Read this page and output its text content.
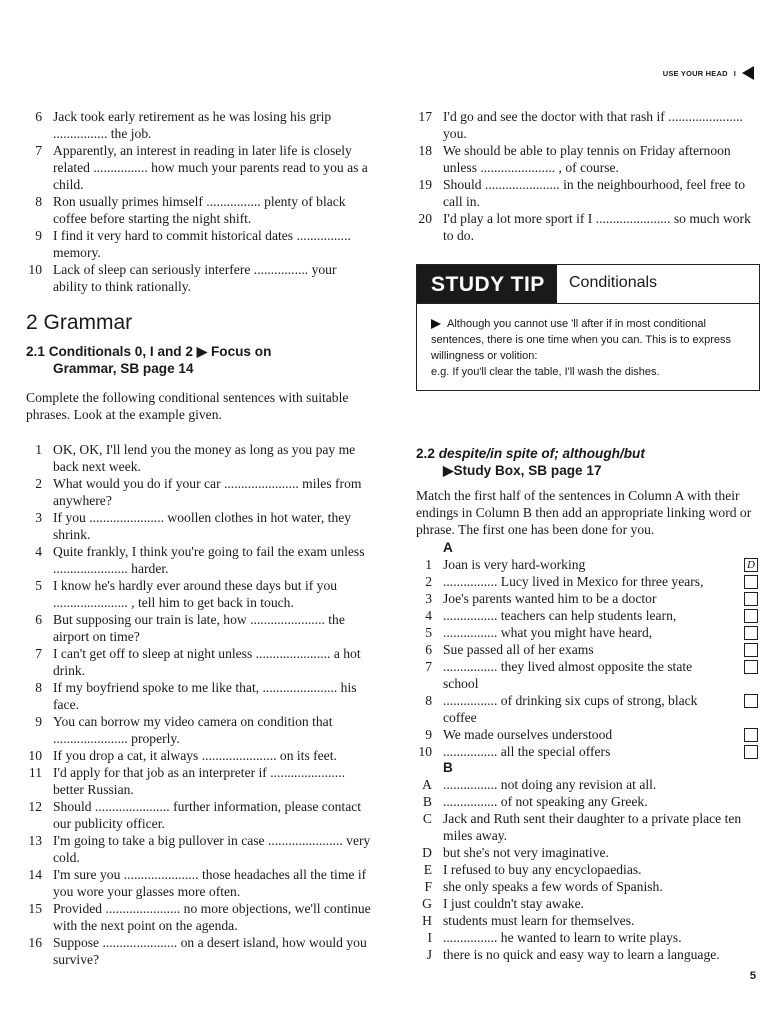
USE YOUR HEAD I
6 Jack took early retirement as he was losing his grip ................ the job.
7 Apparently, an interest in reading in later life is closely related ................ how much your parents read to you as a child.
8 Ron usually primes himself ................ plenty of black coffee before starting the night shift.
9 I find it very hard to commit historical dates ................ memory.
10 Lack of sleep can seriously interfere ................ your ability to think rationally.
2 Grammar
2.1 Conditionals 0, I and 2 ▶ Focus on
Grammar, SB page 14
Complete the following conditional sentences with suitable phrases. Look at the example given.
1 OK, OK, I'll lend you the money as long as you pay me back next week.
2 What would you do if your car ...................... miles from anywhere?
3 If you ...................... woollen clothes in hot water, they shrink.
4 Quite frankly, I think you're going to fail the exam unless ...................... harder.
5 I know he's hardly ever around these days but if you ...................... , tell him to get back in touch.
6 But supposing our train is late, how ...................... the airport on time?
7 I can't get off to sleep at night unless ...................... a hot drink.
8 If my boyfriend spoke to me like that, ...................... his face.
9 You can borrow my video camera on condition that ...................... properly.
10 If you drop a cat, it always ...................... on its feet.
11 I'd apply for that job as an interpreter if ...................... better Russian.
12 Should ...................... further information, please contact our publicity officer.
13 I'm going to take a big pullover in case ...................... very cold.
14 I'm sure you ...................... those headaches all the time if you wore your glasses more often.
15 Provided ...................... no more objections, we'll continue with the next point on the agenda.
16 Suppose ...................... on a desert island, how would you survive?
17 I'd go and see the doctor with that rash if ...................... you.
18 We should be able to play tennis on Friday afternoon unless ...................... , of course.
19 Should ...................... in the neighbourhood, feel free to call in.
20 I'd play a lot more sport if I ...................... so much work to do.
STUDY TIP	Conditionals
Although you cannot use 'll after if in most conditional sentences, there is one time when you can. This is to express willingness or volition:
e.g. If you'll clear the table, I'll wash the dishes.
2.2 despite/in spite of; although/but
▶Study Box, SB page 17
Match the first half of the sentences in Column A with their endings in Column B then add an appropriate linking word or phrase. The first one has been done for you.
A
1 Joan is very hard-working	D
2 ................ Lucy lived in Mexico for three years,
3 Joe's parents wanted him to be a doctor
4 ................ teachers can help students learn,
5 ................ what you might have heard,
6 Sue passed all of her exams
7 ................ they lived almost opposite the state school
8 ................ of drinking six cups of strong, black coffee
9 We made ourselves understood
10 ................ all the special offers
B
A ................ not doing any revision at all.
B ................ of not speaking any Greek.
C Jack and Ruth sent their daughter to a private place ten miles away.
D but she's not very imaginative.
E I refused to buy any encyclopaedias.
F she only speaks a few words of Spanish.
G I just couldn't stay awake.
H students must learn for themselves.
I ................ he wanted to learn to write plays.
J there is no quick and easy way to learn a language.
5
